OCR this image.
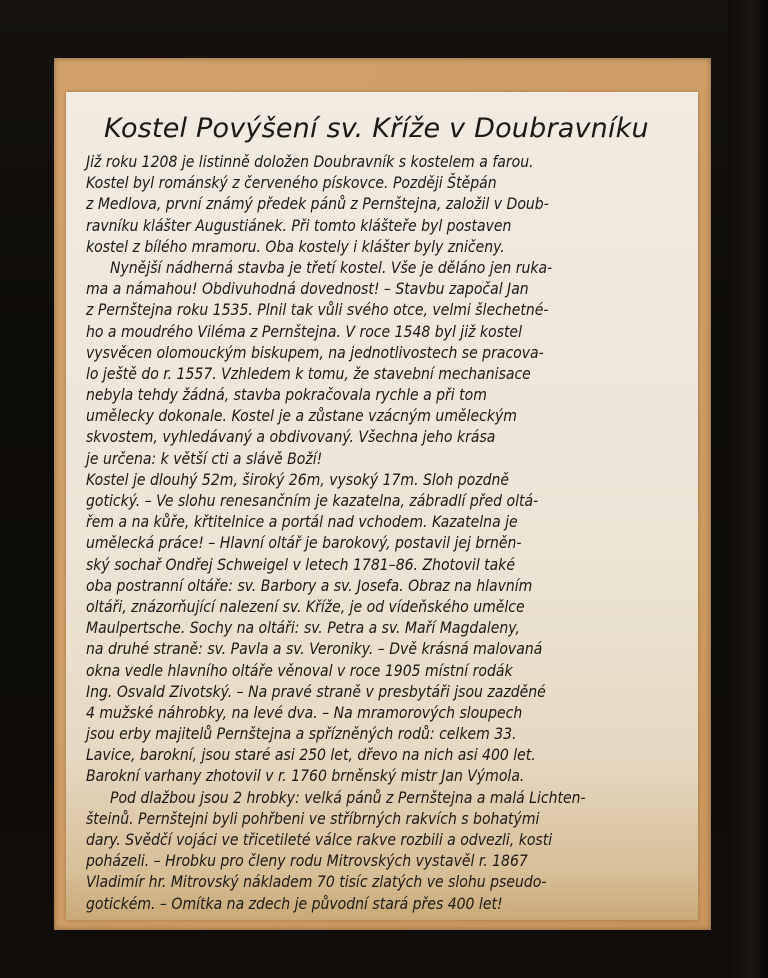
Kostel Povýšení sv. Kříže v Doubravníku
Již roku 1208 je listinně doložen Doubravník s kostelem a farou.
Kostel byl románský z červeného pískovce. Později Štěpán
z Medlova, první známý předek pánů z Pernštejna, založil v Doub-
ravníku klášter Augustiánek. Při tomto klášteře byl postaven
kostel z bílého mramoru. Oba kostely i klášter byly zničeny.
Nynější nádherná stavba je třetí kostel. Vše je děláno jen ruka-
ma a námahou! Obdivuhodná dovednost! – Stavbu započal Jan
z Pernštejna roku 1535. Plnil tak vůli svého otce, velmi šlechetné-
ho a moudrého Viléma z Pernštejna. V roce 1548 byl již kostel
vysvěcen olomouckým biskupem, na jednotlivostech se pracova-
lo ještě do r. 1557. Vzhledem k tomu, že stavební mechanisace
nebyla tehdy žádná, stavba pokračovala rychle a při tom
umělecky dokonale. Kostel je a zůstane vzácným uměleckým
skvostem, vyhledávaný a obdivovaný. Všechna jeho krása
je určena: k větší cti a slávě Boží!
Kostel je dlouhý 52m, široký 26m, vysoký 17m. Sloh pozdně
gotický. – Ve slohu renesančním je kazatelna, zábradlí před oltá-
řem a na kůře, křtitelnice a portál nad vchodem. Kazatelna je
umělecká práce! – Hlavní oltář je barokový, postavil jej brněn-
ský sochař Ondřej Schweigel v letech 1781–86. Zhotovil také
oba postranní oltáře: sv. Barbory a sv. Josefa. Obraz na hlavním
oltáři, znázorňující nalezení sv. Kříže, je od vídeňského umělce
Maulpertsche. Sochy na oltáři: sv. Petra a sv. Maří Magdaleny,
na druhé straně: sv. Pavla a sv. Veroniky. – Dvě krásná malovaná
okna vedle hlavního oltáře věnoval v roce 1905 místní rodák
Ing. Osvald Zivotský. – Na pravé straně v presbytáři jsou zazděné
4 mužské náhrobky, na levé dva. – Na mramorových sloupech
jsou erby majitelů Pernštejna a spřízněných rodů: celkem 33.
Lavice, barokní, jsou staré asi 250 let, dřevo na nich asi 400 let.
Barokní varhany zhotovil v r. 1760 brněnský mistr Jan Výmola.
Pod dlažbou jsou 2 hrobky: velká pánů z Pernštejna a malá Lichten-
šteinů. Pernštejni byli pohřbeni ve stříbrných rakvích s bohatými
dary. Svědčí vojáci ve třicetileté válce rakve rozbili a odvezli, kosti
poházeli. – Hrobku pro členy rodu Mitrovských vystavěl r. 1867
Vladimír hr. Mitrovský nákladem 70 tisíc zlatých ve slohu pseudo-
gotickém. – Omítka na zdech je původní stará přes 400 let!
